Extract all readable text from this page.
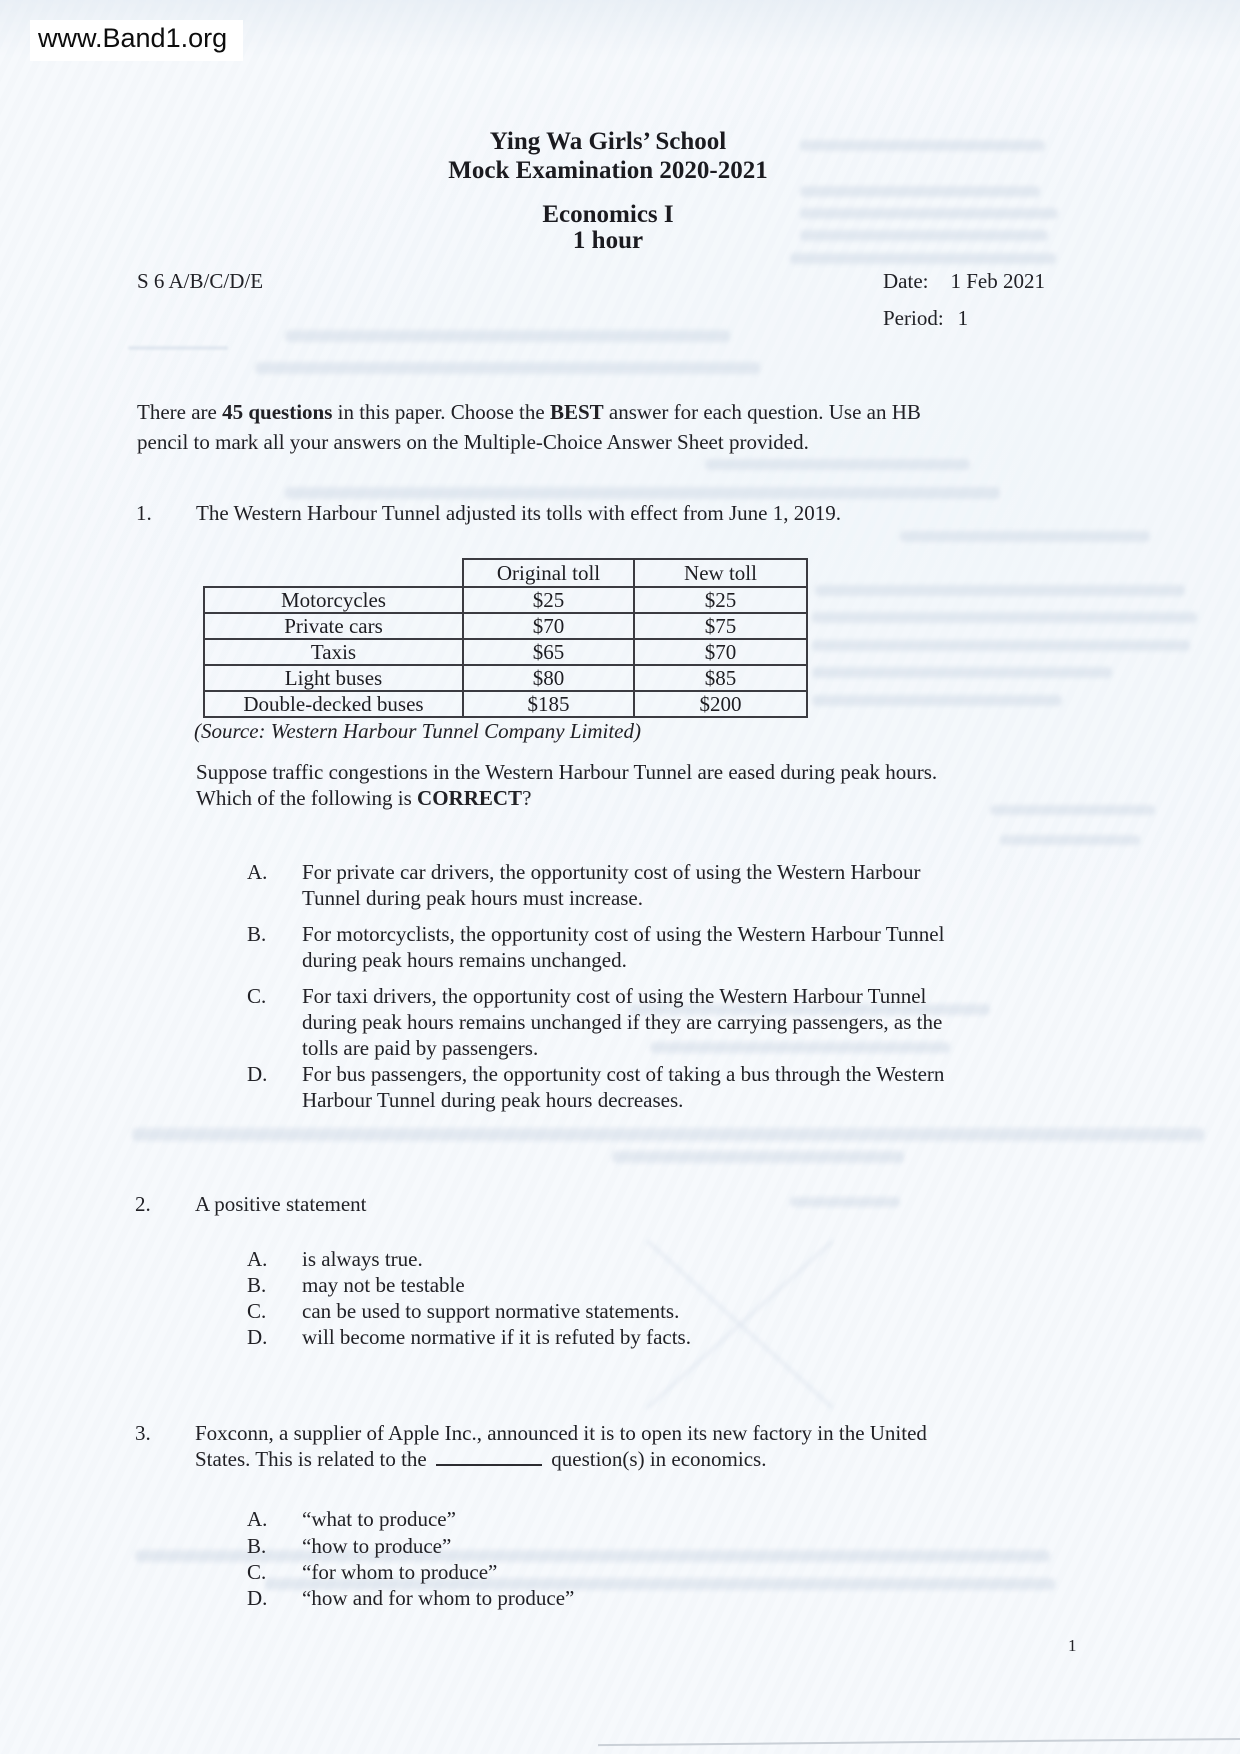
www.Band1.org
Ying Wa Girls’ School
Mock Examination 2020-2021
Economics I
1 hour
S 6 A/B/C/D/E	Date: 1 Feb 2021
Period: 1
There are 45 questions in this paper. Choose the BEST answer for each question. Use an HB
pencil to mark all your answers on the Multiple-Choice Answer Sheet provided.
1. The Western Harbour Tunnel adjusted its tolls with effect from June 1, 2019.
	Original toll	New toll
Motorcycles	$25	$25
Private cars	$70	$75
Taxis	$65	$70
Light buses	$80	$85
Double-decked buses	$185	$200
(Source: Western Harbour Tunnel Company Limited)
Suppose traffic congestions in the Western Harbour Tunnel are eased during peak hours.
Which of the following is CORRECT?
A. For private car drivers, the opportunity cost of using the Western Harbour
Tunnel during peak hours must increase.
B. For motorcyclists, the opportunity cost of using the Western Harbour Tunnel
during peak hours remains unchanged.
C. For taxi drivers, the opportunity cost of using the Western Harbour Tunnel
during peak hours remains unchanged if they are carrying passengers, as the
tolls are paid by passengers.
D. For bus passengers, the opportunity cost of taking a bus through the Western
Harbour Tunnel during peak hours decreases.
2. A positive statement
A. is always true.
B. may not be testable
C. can be used to support normative statements.
D. will become normative if it is refuted by facts.
3. Foxconn, a supplier of Apple Inc., announced it is to open its new factory in the United
States. This is related to the	question(s) in economics.
A. “what to produce”
B. “how to produce”
C. “for whom to produce”
D. “how and for whom to produce”
1
